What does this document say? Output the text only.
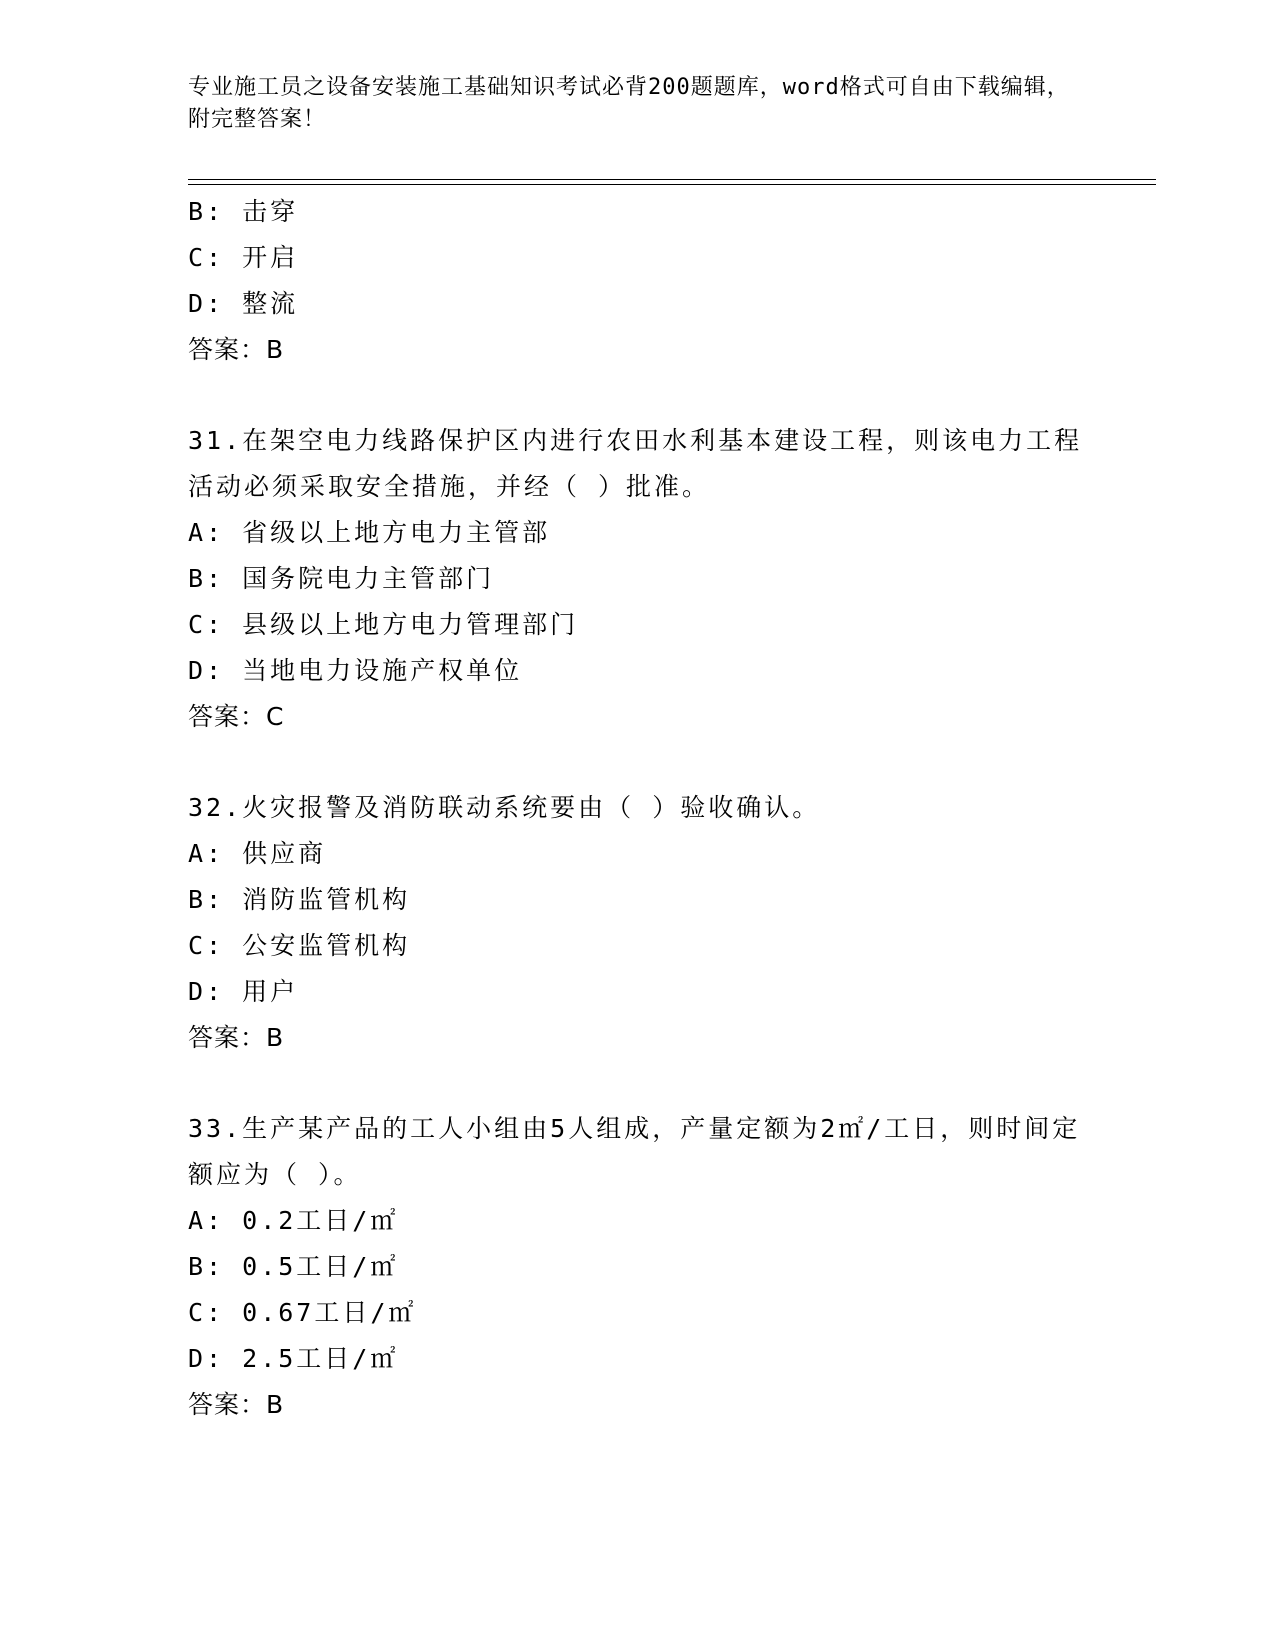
专业施工员之设备安装施工基础知识考试必背200题题库，word格式可自由下载编辑，附完整答案！
B: 击穿
C: 开启
D: 整流
答案：B
31.在架空电力线路保护区内进行农田水利基本建设工程，则该电力工程活动必须采取安全措施，并经（ ）批准。
A: 省级以上地方电力主管部
B: 国务院电力主管部门
C: 县级以上地方电力管理部门
D: 当地电力设施产权单位
答案：C
32.火灾报警及消防联动系统要由（ ）验收确认。
A: 供应商
B: 消防监管机构
C: 公安监管机构
D: 用户
答案：B
33.生产某产品的工人小组由5人组成，产量定额为2㎡/工日，则时间定额应为（ ）。
A: 0.2工日/㎡
B: 0.5工日/㎡
C: 0.67工日/㎡
D: 2.5工日/㎡
答案：B
